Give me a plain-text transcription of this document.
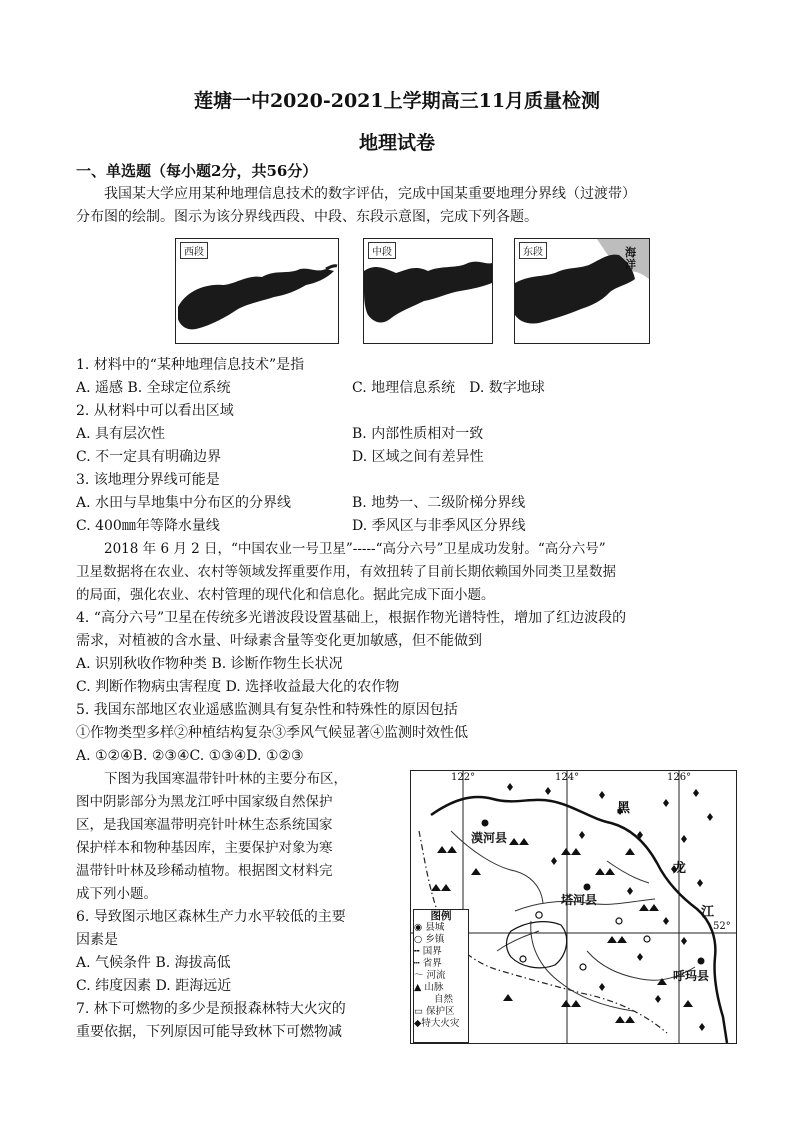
莲塘一中2020-2021上学期高三11月质量检测
地理试卷
一、单选题（每小题2分，共56分）
我国某大学应用某种地理信息技术的数字评估，完成中国某重要地理分界线（过渡带）
分布图的绘制。图示为该分界线西段、中段、东段示意图，完成下列各题。
西段	中段	东段	海洋
1. 材料中的“某种地理信息技术”是指
A. 遥感 B. 全球定位系统	C. 地理信息系统　D. 数字地球
2. 从材料中可以看出区域
A. 具有层次性	B. 内部性质相对一致
C. 不一定具有明确边界	D. 区域之间有差异性
3. 该地理分界线可能是
A. 水田与旱地集中分布区的分界线	B. 地势一、二级阶梯分界线
C. 400㎜年等降水量线	D. 季风区与非季风区分界线
2018 年 6 月 2 日，“中国农业一号卫星”-----“高分六号”卫星成功发射。“高分六号”
卫星数据将在农业、农村等领域发挥重要作用，有效扭转了目前长期依赖国外同类卫星数据
的局面，强化农业、农村管理的现代化和信息化。据此完成下面小题。
4. “高分六号”卫星在传统多光谱波段设置基础上，根据作物光谱特性，增加了红边波段的
需求，对植被的含水量、叶绿素含量等变化更加敏感，但不能做到
A. 识别秋收作物种类 B. 诊断作物生长状况
C. 判断作物病虫害程度 D. 选择收益最大化的农作物
5. 我国东部地区农业遥感监测具有复杂性和特殊性的原因包括
①作物类型多样②种植结构复杂③季风气候显著④监测时效性低
A. ①②④B. ②③④C. ①③④D. ①②③
下图为我国寒温带针叶林的主要分布区，
图中阴影部分为黑龙江呼中国家级自然保护
区，是我国寒温带明亮针叶林生态系统国家
保护样本和物种基因库，主要保护对象为寒
温带针叶林及珍稀动植物。根据图文材料完
成下列小题。
6. 导致图示地区森林生产力水平较低的主要
因素是
A. 气候条件 B. 海拔高低
C. 纬度因素 D. 距海远近
7. 林下可燃物的多少是预报森林特大火灾的
重要依据，下列原因可能导致林下可燃物减
122°	124°	126°
52°
漠河县
塔河县
呼玛县
黑
龙
江
图例
◉ 县城
○ 乡镇
╍ 国界
┅ 省界
〜 河流
▲ 山脉
自然
▭ 保护区
◆特大火灾
